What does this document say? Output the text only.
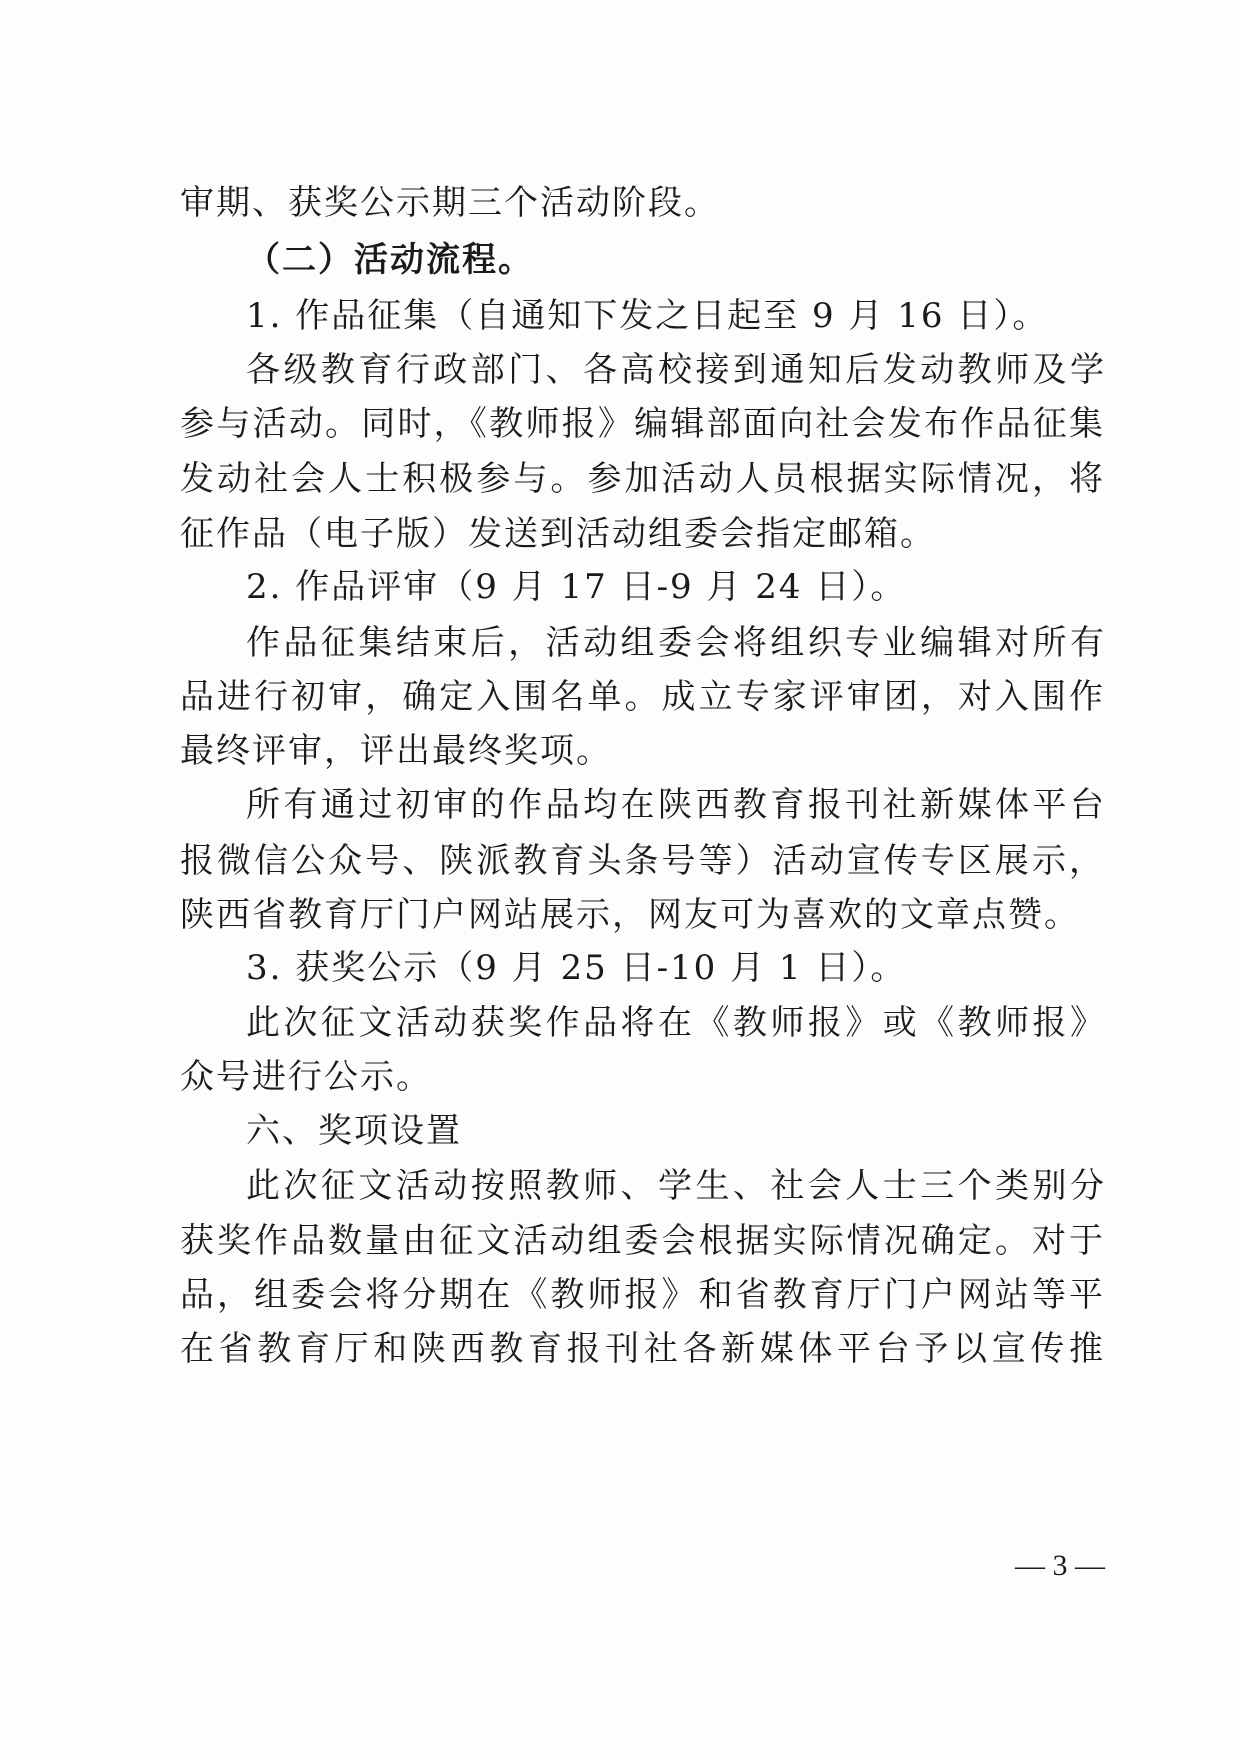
审期、获奖公示期三个活动阶段。
（二）活动流程。
1. 作品征集（自通知下发之日起至 9 月 16 日）。
各级教育行政部门、各高校接到通知后发动教师及学
参与活动。同时，《教师报》编辑部面向社会发布作品征集
发动社会人士积极参与。参加活动人员根据实际情况，将
征作品（电子版）发送到活动组委会指定邮箱。
2. 作品评审（9 月 17 日-9 月 24 日）。
作品征集结束后，活动组委会将组织专业编辑对所有
品进行初审，确定入围名单。成立专家评审团，对入围作
最终评审，评出最终奖项。
所有通过初审的作品均在陕西教育报刊社新媒体平台
报微信公众号、陕派教育头条号等）活动宣传专区展示，
陕西省教育厅门户网站展示，网友可为喜欢的文章点赞。
3. 获奖公示（9 月 25 日-10 月 1 日）。
此次征文活动获奖作品将在《教师报》或《教师报》
众号进行公示。
六、奖项设置
此次征文活动按照教师、学生、社会人士三个类别分
获奖作品数量由征文活动组委会根据实际情况确定。对于
品，组委会将分期在《教师报》和省教育厅门户网站等平
在省教育厅和陕西教育报刊社各新媒体平台予以宣传推
— 3 —
